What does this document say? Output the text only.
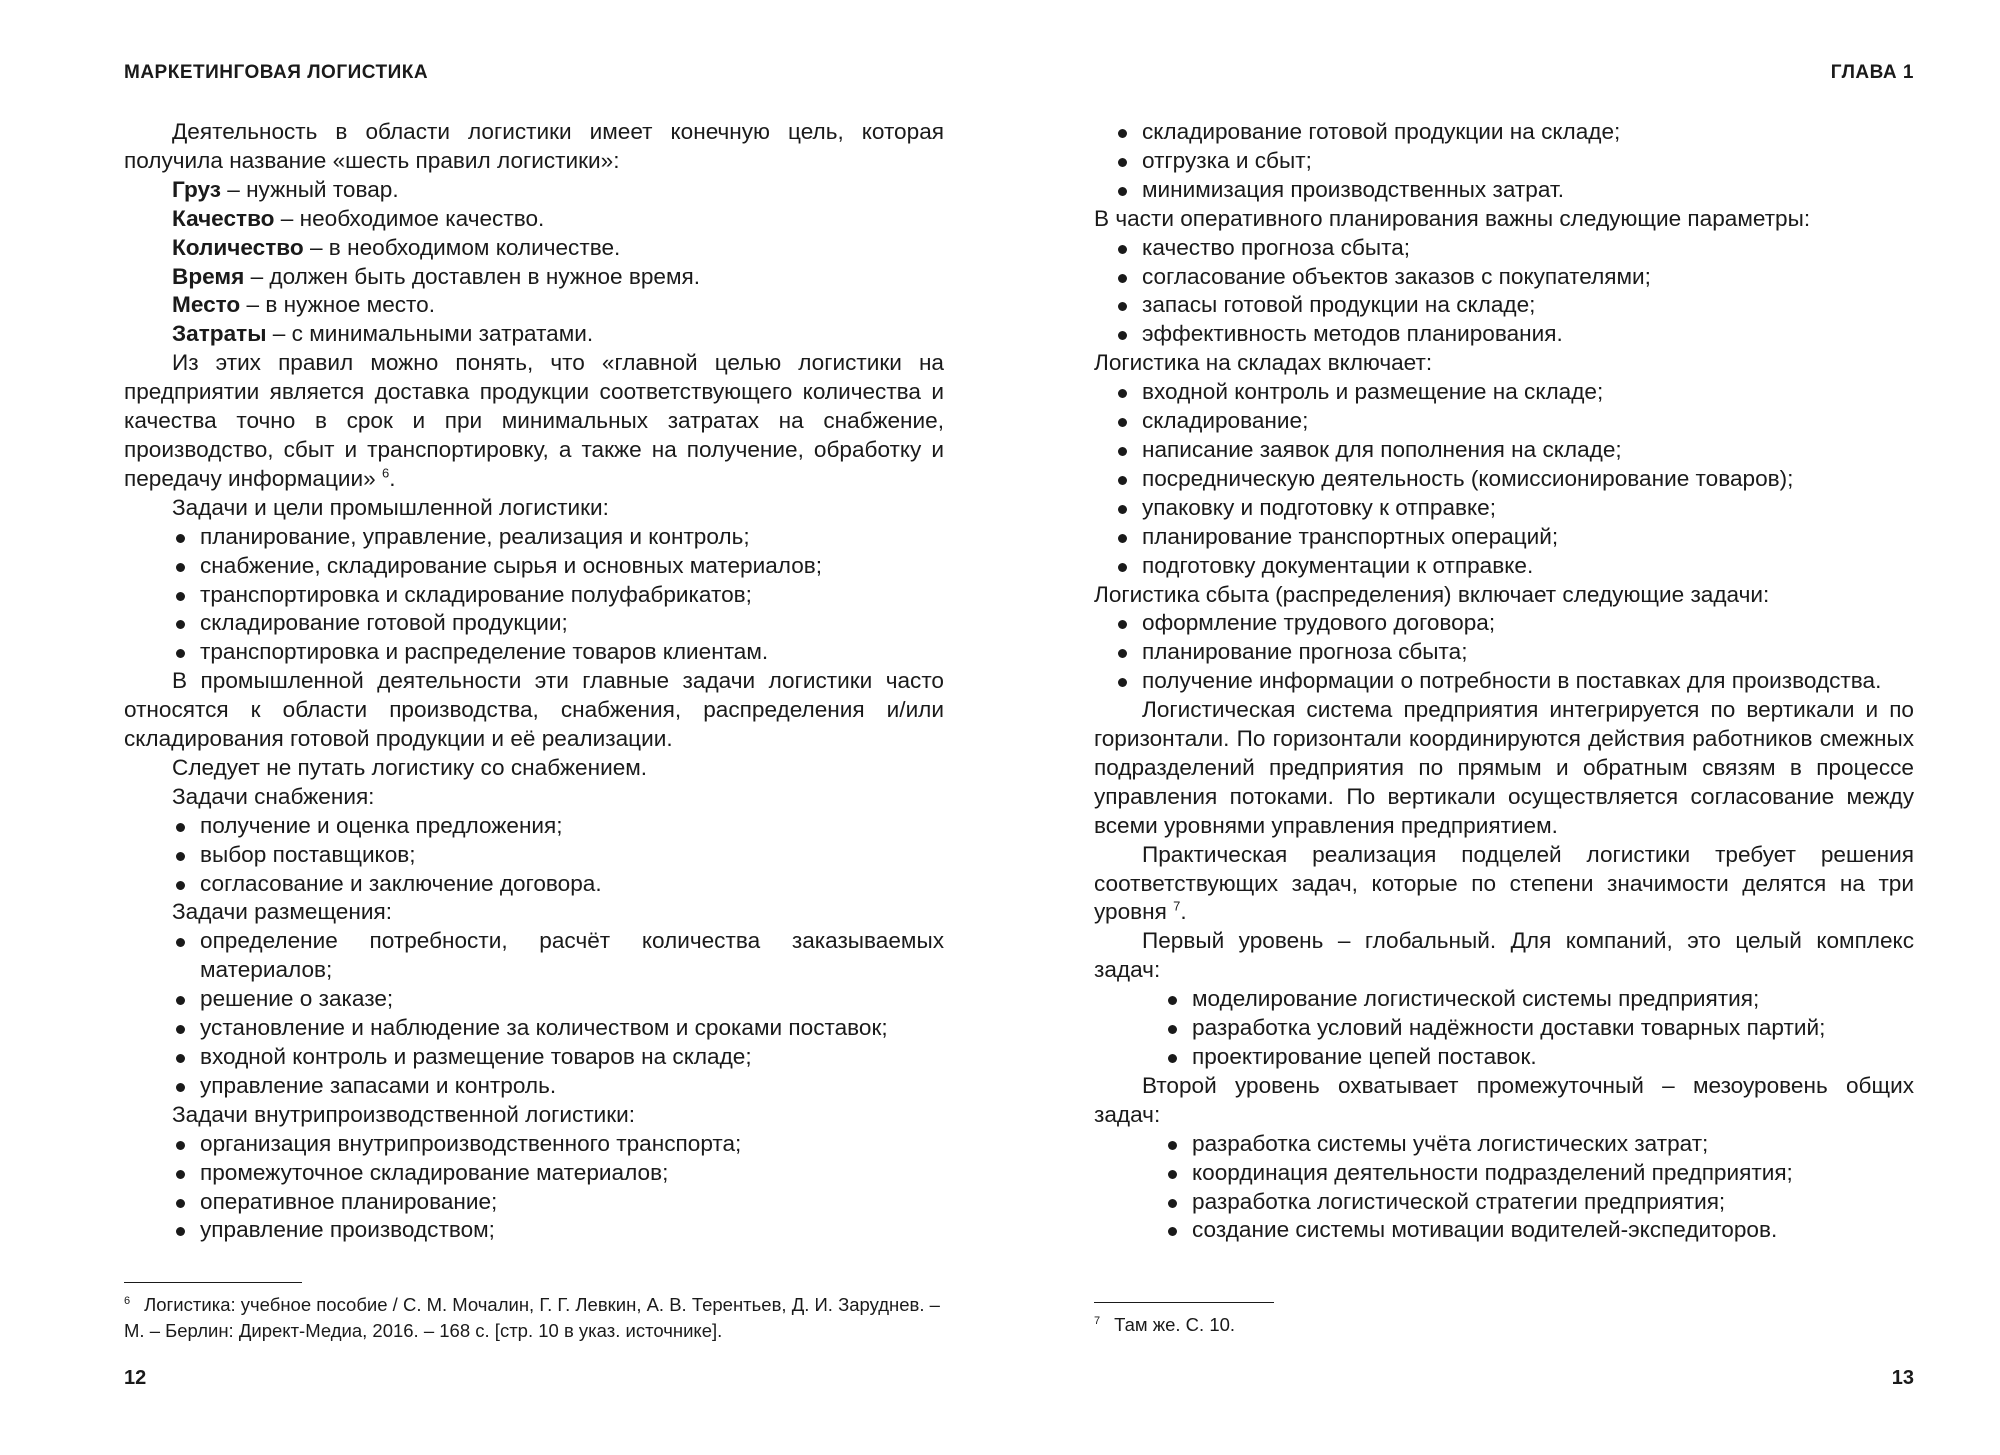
МАРКЕТИНГОВАЯ ЛОГИСТИКА

Деятельность в области логистики имеет конечную цель, которая получила название «шесть правил логистики»:

Груз – нужный товар.

Качество – необходимое качество.

Количество – в необходимом количестве.

Время – должен быть доставлен в нужное время.

Место – в нужное место.

Затраты – с минимальными затратами.

Из этих правил можно понять, что «главной целью логистики на предприятии является доставка продукции соответствующего количества и качества точно в срок и при минимальных затратах на снабжение, производство, сбыт и транспортировку, а также на получение, обработку и передачу информации» $^6$.

Задачи и цели промышленной логистики:

планирование, управление, реализация и контроль;
снабжение, складирование сырья и основных материалов;
транспортировка и складирование полуфабрикатов;
складирование готовой продукции;
транспортировка и распределение товаров клиентам.

В промышленной деятельности эти главные задачи логистики часто относятся к области производства, снабжения, распределения и/или складирования готовой продукции и её реализации.

Следует не путать логистику со снабжением.

Задачи снабжения:

получение и оценка предложения;
выбор поставщиков;
согласование и заключение договора.

Задачи размещения:

определение потребности, расчёт количества заказываемых материалов;
решение о заказе;
установление и наблюдение за количеством и сроками поставок;
входной контроль и размещение товаров на складе;
управление запасами и контроль.

Задачи внутрипроизводственной логистики:

организация внутрипроизводственного транспорта;
промежуточное складирование материалов;
оперативное планирование;
управление производством;
$^6$ Логистика: учебное пособие / С. М. Мочалин, Г. Г. Левкин, А. В. Терентьев, Д. И. Заруднев. – М. – Берлин: Директ-Медиа, 2016. – 168 с. [стр. 10 в указ. источнике].
12
ГЛАВА 1
складирование готовой продукции на складе;
отгрузка и сбыт;
минимизация производственных затрат.

В части оперативного планирования важны следующие параметры:

качество прогноза сбыта;
согласование объектов заказов с покупателями;
запасы готовой продукции на складе;
эффективность методов планирования.

Логистика на складах включает:

входной контроль и размещение на складе;
складирование;
написание заявок для пополнения на складе;
посредническую деятельность (комиссионирование товаров);
упаковку и подготовку к отправке;
планирование транспортных операций;
подготовку документации к отправке.

Логистика сбыта (распределения) включает следующие задачи:

оформление трудового договора;
планирование прогноза сбыта;
получение информации о потребности в поставках для производства.

Логистическая система предприятия интегрируется по вертикали и по горизонтали. По горизонтали координируются действия работников смежных подразделений предприятия по прямым и обратным связям в процессе управления потоками. По вертикали осуществляется согласование между всеми уровнями управления предприятием.

Практическая реализация подцелей логистики требует решения соответствующих задач, которые по степени значимости делятся на три уровня $^7$.

Первый уровень – глобальный. Для компаний, это целый комплекс задач:

моделирование логистической системы предприятия;
разработка условий надёжности доставки товарных партий;
проектирование цепей поставок.

Второй уровень охватывает промежуточный – мезоуровень общих задач:

разработка системы учёта логистических затрат;
координация деятельности подразделений предприятия;
разработка логистической стратегии предприятия;
создание системы мотивации водителей-экспедиторов.
$^7$ Там же. С. 10.
13
